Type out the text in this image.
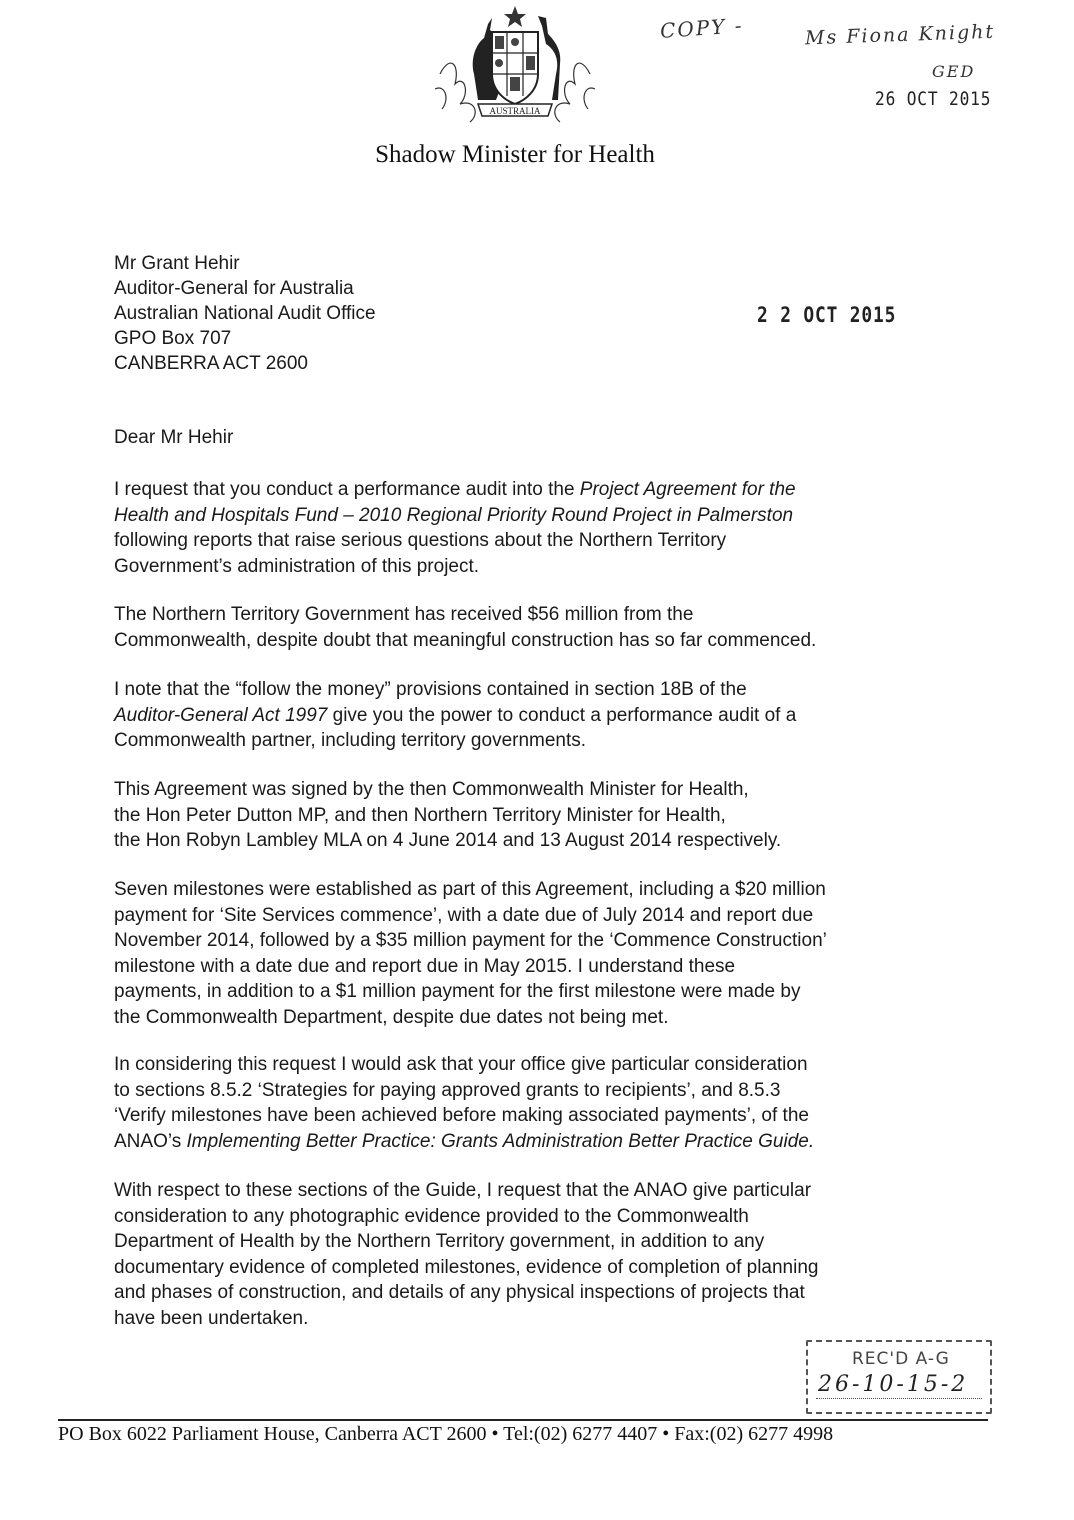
AUSTRALIA
COPY -	Ms Fiona Knight
GED
26 OCT 2015
Shadow Minister for Health
Mr Grant Hehir
Auditor-General for Australia
Australian National Audit Office
GPO Box 707
CANBERRA ACT 2600
2 2 OCT 2015
Dear Mr Hehir
I request that you conduct a performance audit into the Project Agreement for the
Health and Hospitals Fund – 2010 Regional Priority Round Project in Palmerston
following reports that raise serious questions about the Northern Territory
Government’s administration of this project.
The Northern Territory Government has received $56 million from the
Commonwealth, despite doubt that meaningful construction has so far commenced.
I note that the “follow the money” provisions contained in section 18B of the
Auditor-General Act 1997 give you the power to conduct a performance audit of a
Commonwealth partner, including territory governments.
This Agreement was signed by the then Commonwealth Minister for Health,
the Hon Peter Dutton MP, and then Northern Territory Minister for Health,
the Hon Robyn Lambley MLA on 4 June 2014 and 13 August 2014 respectively.
Seven milestones were established as part of this Agreement, including a $20 million
payment for ‘Site Services commence’, with a date due of July 2014 and report due
November 2014, followed by a $35 million payment for the ‘Commence Construction’
milestone with a date due and report due in May 2015. I understand these
payments, in addition to a $1 million payment for the first milestone were made by
the Commonwealth Department, despite due dates not being met.
In considering this request I would ask that your office give particular consideration
to sections 8.5.2 ‘Strategies for paying approved grants to recipients’, and 8.5.3
‘Verify milestones have been achieved before making associated payments’, of the
ANAO’s Implementing Better Practice: Grants Administration Better Practice Guide.
With respect to these sections of the Guide, I request that the ANAO give particular
consideration to any photographic evidence provided to the Commonwealth
Department of Health by the Northern Territory government, in addition to any
documentary evidence of completed milestones, evidence of completion of planning
and phases of construction, and details of any physical inspections of projects that
have been undertaken.
REC'D A-G
26-10-15-2
PO Box 6022 Parliament House, Canberra ACT 2600 • Tel:(02) 6277 4407 • Fax:(02) 6277 4998
